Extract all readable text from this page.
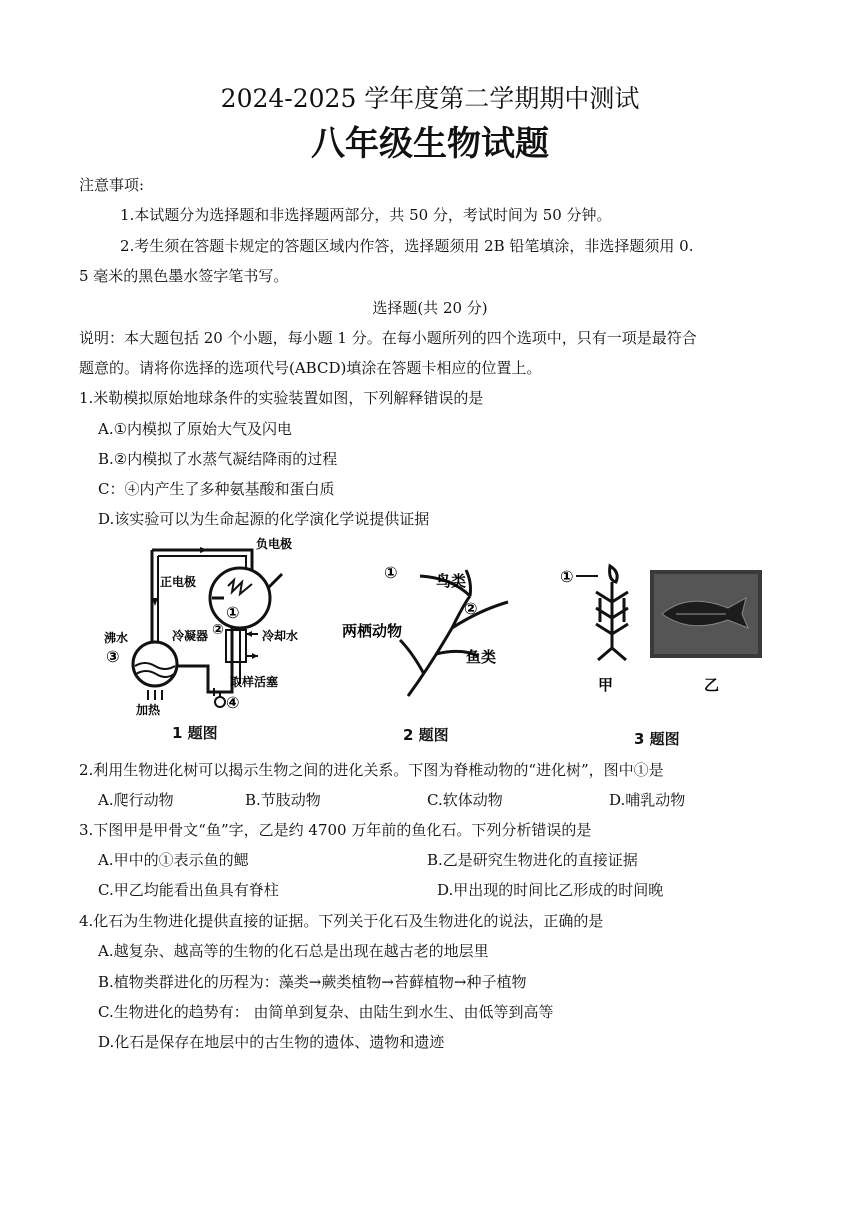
2024-2025 学年度第二学期期中测试
八年级生物试题
注意事项:
1.本试题分为选择题和非选择题两部分，共 50 分，考试时间为 50 分钟。
2.考生须在答题卡规定的答题区域内作答，选择题须用 2B 铅笔填涂，非选择题须用 0.
5 毫米的黑色墨水签字笔书写。
选择题(共 20 分)
说明：本大题包括 20 个小题，每小题 1 分。在每小题所列的四个选项中，只有一项是最符合
题意的。请将你选择的选项代号(ABCD)填涂在答题卡相应的位置上。
1.米勒模拟原始地球条件的实验装置如图，下列解释错误的是
A.①内模拟了原始大气及闪电
B.②内模拟了水蒸气凝结降雨的过程
C：④内产生了多种氨基酸和蛋白质
D.该实验可以为生命起源的化学演化学说提供证据
负电极
正电极
①
②
冷凝器	冷却水
沸水
③
取样活塞
加热	④
1 题图
①	鸟类
②
两栖动物
鱼类
2 题图
①
甲	乙
3 题图
2.利用生物进化树可以揭示生物之间的进化关系。下图为脊椎动物的“进化树”，图中①是
A.爬行动物	B.节肢动物	C.软体动物	D.哺乳动物
3.下图甲是甲骨文“鱼”字，乙是约 4700 万年前的鱼化石。下列分析错误的是
A.甲中的①表示鱼的鳃	B.乙是研究生物进化的直接证据
C.甲乙均能看出鱼具有脊柱	D.甲出现的时间比乙形成的时间晚
4.化石为生物进化提供直接的证据。下列关于化石及生物进化的说法，正确的是
A.越复杂、越高等的生物的化石总是出现在越古老的地层里
B.植物类群进化的历程为：藻类→蕨类植物→苔藓植物→种子植物
C.生物进化的趋势有： 由简单到复杂、由陆生到水生、由低等到高等
D.化石是保存在地层中的古生物的遗体、遗物和遗迹
